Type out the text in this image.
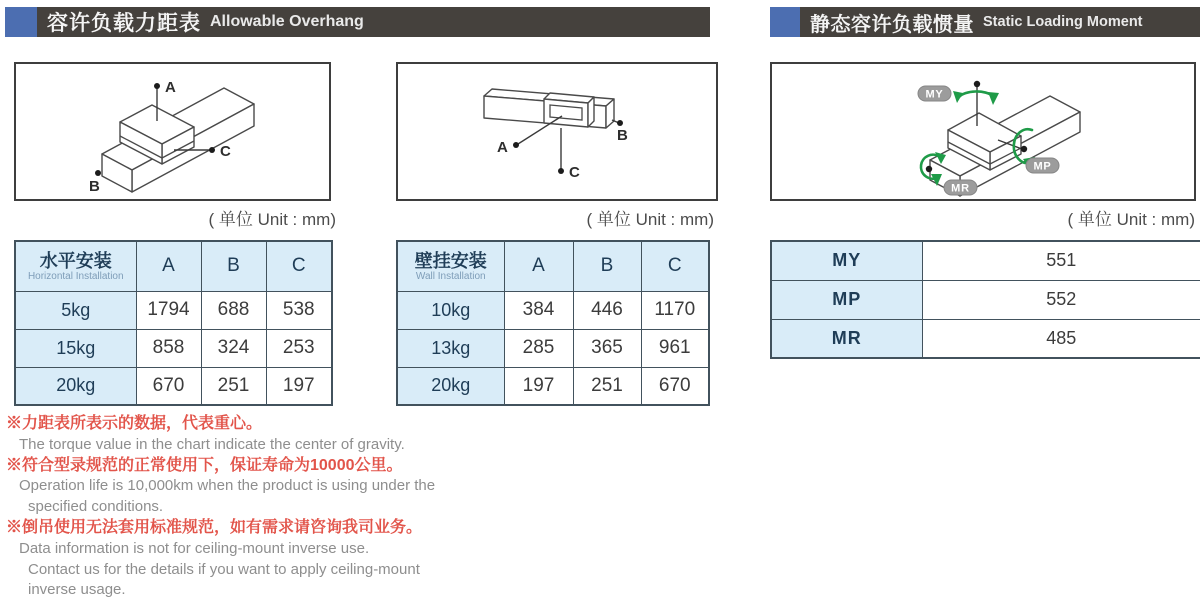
容许负载力距表 Allowable Overhang	静态容许负载惯量 Static Loading Moment
A
C
B
( 单位 Unit : mm)
A
C
B
( 单位 Unit : mm)
MY
MP
MR
( 单位 Unit : mm)
水平安装
Horizontal Installation	A	B	C
5kg	1794	688	538
15kg	858	324	253
20kg	670	251	197
壁挂安装
Wall Installation	A	B	C
10kg	384	446	1170
13kg	285	365	961
20kg	197	251	670
MY	551
MP	552
MR	485
※力距表所表示的数据，代表重心。
The torque value in the chart indicate the center of gravity.
※符合型录规范的正常使用下，保证寿命为10000公里。
Operation life is 10,000km when the product is using under the
specified conditions.
※倒吊使用无法套用标准规范，如有需求请咨询我司业务。
Data information is not for ceiling-mount inverse use.
Contact us for the details if you want to apply ceiling-mount
inverse usage.
